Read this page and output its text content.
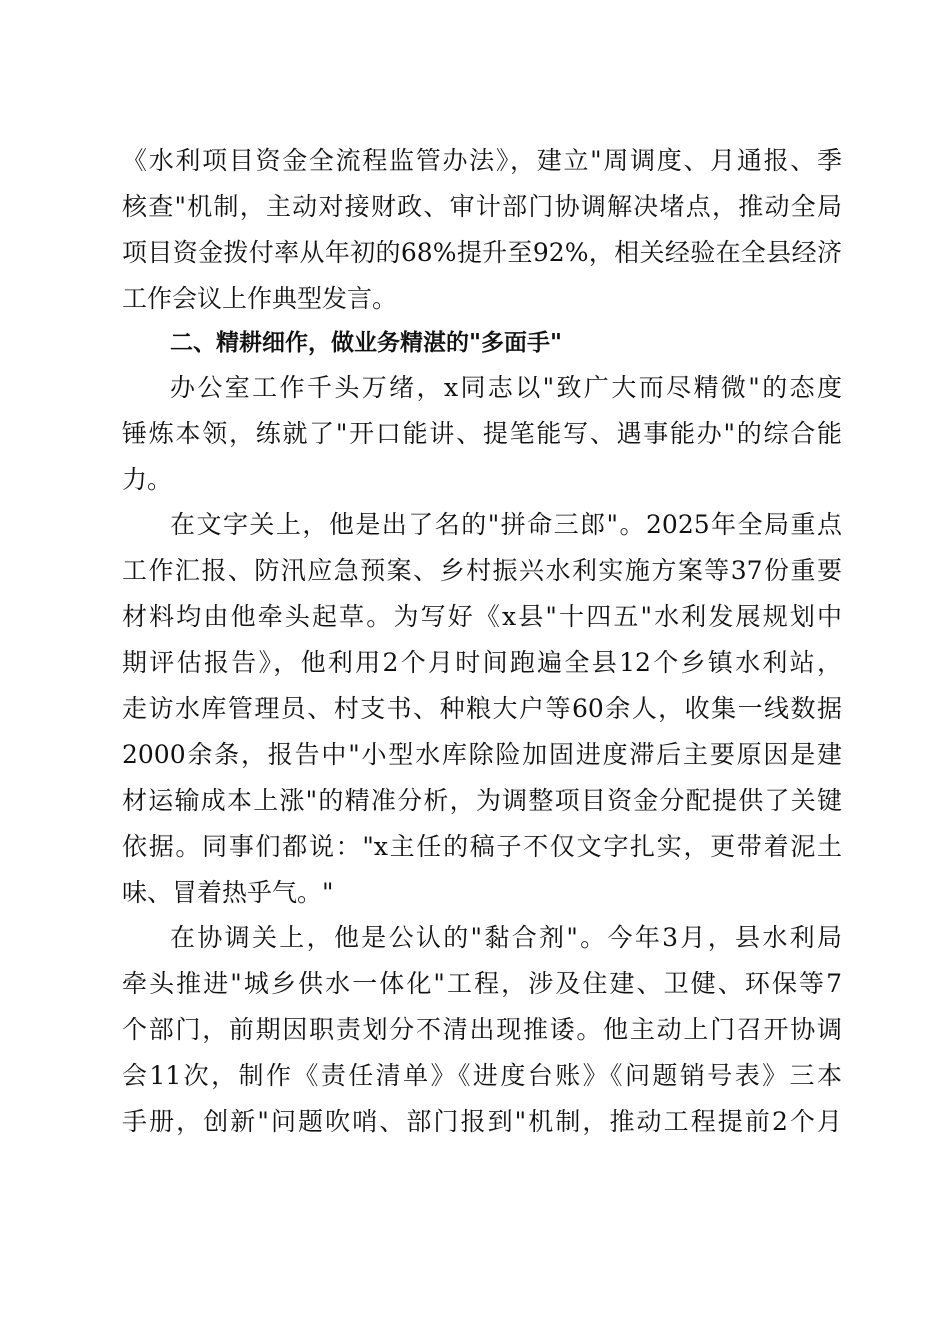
《水利项目资金全流程监管办法》，建立"周调度、月通报、季
核查"机制，主动对接财政、审计部门协调解决堵点，推动全局
项目资金拨付率从年初的68%提升至92%，相关经验在全县经济
工作会议上作典型发言。
二、精耕细作，做业务精湛的"多面手"
办公室工作千头万绪，x同志以"致广大而尽精微"的态度
锤炼本领，练就了"开口能讲、提笔能写、遇事能办"的综合能
力。
在文字关上，他是出了名的"拼命三郎"。2025年全局重点
工作汇报、防汛应急预案、乡村振兴水利实施方案等37份重要
材料均由他牵头起草。为写好《x县"十四五"水利发展规划中
期评估报告》，他利用2个月时间跑遍全县12个乡镇水利站，
走访水库管理员、村支书、种粮大户等60余人，收集一线数据
2000余条，报告中"小型水库除险加固进度滞后主要原因是建
材运输成本上涨"的精准分析，为调整项目资金分配提供了关键
依据。同事们都说："x主任的稿子不仅文字扎实，更带着泥土
味、冒着热乎气。"
在协调关上，他是公认的"黏合剂"。今年3月，县水利局
牵头推进"城乡供水一体化"工程，涉及住建、卫健、环保等7
个部门，前期因职责划分不清出现推诿。他主动上门召开协调
会11次，制作《责任清单》《进度台账》《问题销号表》三本
手册，创新"问题吹哨、部门报到"机制，推动工程提前2个月
